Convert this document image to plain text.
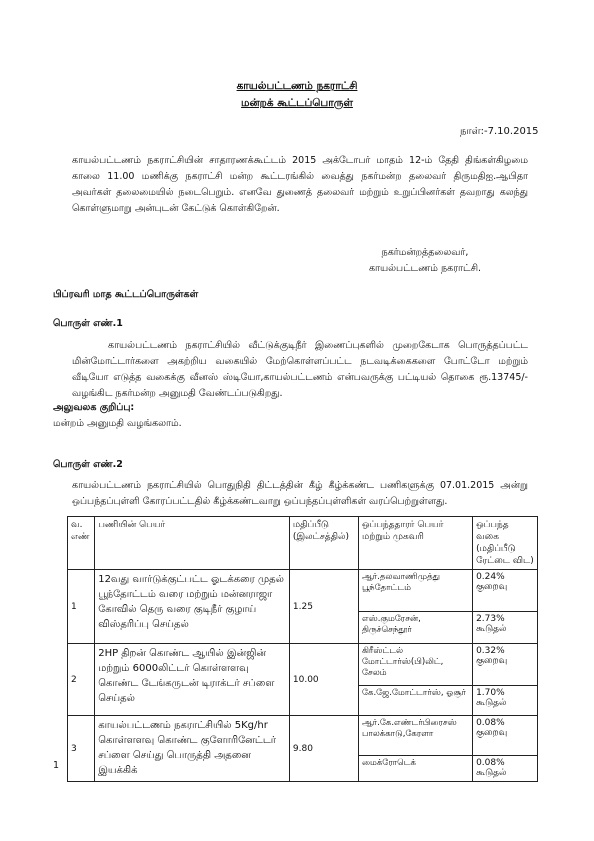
காயல்பட்டணம் நகராட்சி
மன்றக் கூட்டப்பொருள்
நாள்:-7.10.2015
காயல்பட்டணம் நகராட்சியின் சாதாரணக்கூட்டம் 2015 அக்டோபர் மாதம் 12-ம் தேதி திங்கள்கிழமை காலை 11.00 மணிக்கு நகராட்சி மன்ற கூட்டரங்கில் வைத்து நகர்மன்ற தலைவர் திருமதிஐ.ஆபிதா அவர்கள் தலைமையில் நடைபெறும். எனவே துணைத் தலைவர் மற்றும் உறுப்பினர்கள் தவறாது கலந்து கொள்ளுமாறு அன்புடன் கேட்டுக் கொள்கிறேன்.
நகர்மன்றத்தலைவர்,
காயல்பட்டணம் நகராட்சி.
பிப்ரவரி மாத கூட்டப்பொருள்கள்
பொருள் எண்.1
காயல்பட்டணம் நகராட்சியில் வீட்டுக்குடிநீர் இணைப்புகளில் முறைகேடாக பொருத்தப்பட்ட மின்மோட்டார்களை அகற்றிய வகையில் மேற்கொள்ளப்பட்ட நடவடிக்கைகளை போட்டோ மற்றும் வீடியோ எடுத்த வகைக்கு வீனஸ் ஸ்டியோ,காயல்பட்டணம் என்பவருக்கு பட்டியல் தொகை ரூ.13745/- வழங்கிட நகர்மன்ற அனுமதி வேண்டப்படுகிறது.
அலுவலக குறிப்பு:
மன்றம் அனுமதி வழங்கலாம்.
பொருள் எண்.2
காயல்பட்டணம் நகராட்சியில் பொதுநிதி திட்டத்தின் கீழ் கீழ்க்கண்ட பணிகளுக்கு 07.01.2015 அன்று ஒப்பந்தப்புள்ளி கோரப்பட்டதில் கீழ்க்கண்டவாறு ஒப்பந்தப்புள்ளிகள் வரப்பெற்றுள்ளது.
வ. எண்	பணியின் பெயர்	மதிப்பீடு (இலட்சத்தில்)	ஒப்பந்ததாரர் பெயர் மற்றும் முகவரி	ஒப்பந்த வகை (மதிப்பீடு ரேட்டை விட)
1	12வது வார்டுக்குட்பட்ட ஓடக்கரை முதல் பூந்தோட்டம் வரை மற்றும் மன்னராஜா கோவில் தெரு வரை குடிநீர் குழாய் விஸ்தரிப்பு செய்தல்	1.25	ஆர்.தலவாணிமுத்து பூந்தோட்டம்	0.24% குறைவு
			எஸ்.குமரேசன், திருச்செந்தூர்	2.73% கூடுதல்
2	2HP திறன் கொண்ட ஆயில் இன்ஜின் மற்றும் 6000லிட்டர் கொள்ளளவு கொண்ட டேங்கருடன் டிராக்டர் சப்ளை செய்தல்	10.00	கிரீஸ்ட்டல் மோட்டார்ஸ்(பி)லிட், சேலம்	0.32% குறைவு
			கே.ஜே.மோட்டார்ஸ், ஓசூர்	1.70% கூடுதல்
3	காயல்பட்டணம் நகராட்சியில் 5Kg/hr கொள்ளளவு கொண்ட குளோரினேட்டர் சப்ளை செய்து பொருத்தி அதனை இயக்கிக்	9.80	ஆர்.கே.எண்டர்பிரைசஸ் பாலக்காடு,கேரளா	0.08% குறைவு
			மைக்ரோடெக்	0.08% கூடுதல்
1
